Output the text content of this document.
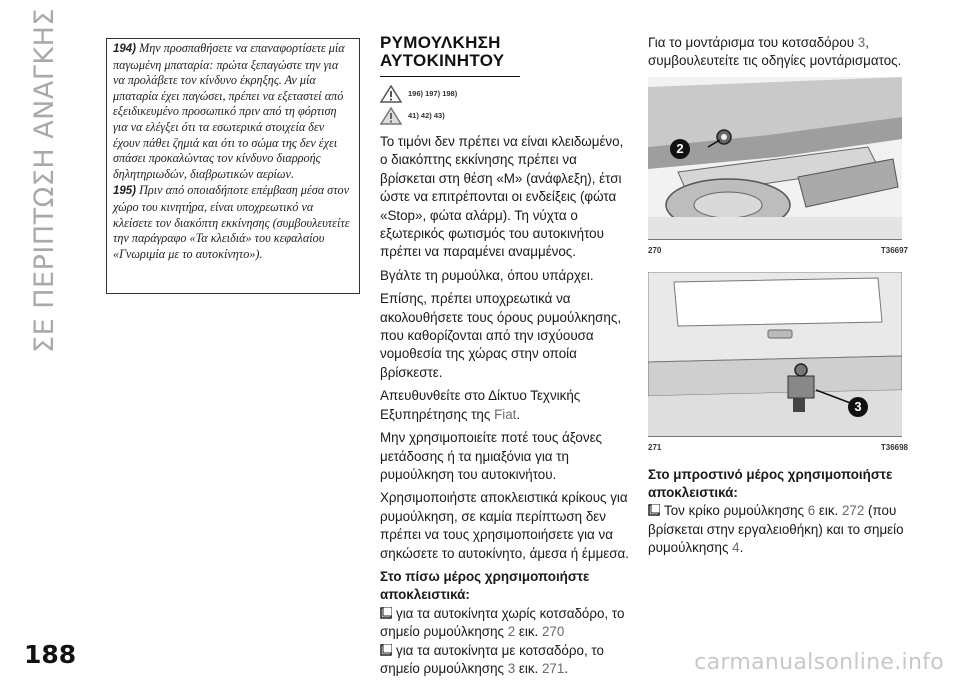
ΣΕ ΠΕΡΙΠΤΩΣΗ ΑΝΑΓΚΗΣ	194) Μην προσπαθήσετε να επαναφορτίσετε μία παγωμένη μπαταρία: πρώτα ξεπαγώστε την για να προλάβετε τον κίνδυνο έκρηξης. Αν μία μπαταρία έχει παγώσει, πρέπει να εξεταστεί από εξειδικευμένο προσωπικό πριν από τη φόρτιση για να ελέγξει ότι τα εσωτερικά στοιχεία δεν έχουν πάθει ζημιά και ότι το σώμα της δεν έχει σπάσει προκαλώντας τον κίνδυνο διαρροής δηλητηριωδών, διαβρωτικών αερίων.

195) Πριν από οποιαδήποτε επέμβαση μέσα στον χώρο του κινητήρα, είναι υποχρεωτικό να κλείσετε τον διακόπτη εκκίνησης (συμβουλευτείτε την παράγραφο «Τα κλειδιά» του κεφαλαίου «Γνωριμία με το αυτοκίνητο»).

ΡΥΜΟΥΛΚΗΣΗ
ΑΥΤΟΚΙΝΗΤΟΥ
196) 197) 198)
41) 42) 43)

Το τιμόνι δεν πρέπει να είναι κλειδωμένο, ο διακόπτης εκκίνησης πρέπει να βρίσκεται στη θέση «M» (ανάφλεξη), έτσι ώστε να επιτρέπονται οι ενδείξεις (φώτα «Stop», φώτα αλάρμ). Τη νύχτα ο εξωτερικός φωτισμός του αυτοκινήτου πρέπει να παραμένει αναμμένος.

Βγάλτε τη ρυμούλκα, όπου υπάρχει.

Επίσης, πρέπει υποχρεωτικά να ακολουθήσετε τους όρους ρυμούλκησης, που καθορίζονται από την ισχύουσα νομοθεσία της χώρας στην οποία βρίσκεστε.

Απευθυνθείτε στο Δίκτυο Τεχνικής Εξυπηρέτησης της Fiat.

Μην χρησιμοποιείτε ποτέ τους άξονες μετάδοσης ή τα ημιαξόνια για τη ρυμούλκηση του αυτοκινήτου.

Χρησιμοποιήστε αποκλειστικά κρίκους για ρυμούλκηση, σε καμία περίπτωση δεν πρέπει να τους χρησιμοποιήσετε για να σηκώσετε το αυτοκίνητο, άμεσα ή έμμεσα.

Στο πίσω μέρος χρησιμοποιήστε αποκλειστικά:

για τα αυτοκίνητα χωρίς κοτσαδόρο, το σημείο ρυμούλκησης 2 εικ. 270

για τα αυτοκίνητα με κοτσαδόρο, το σημείο ρυμούλκησης 3 εικ. 271.

Για το μοντάρισμα του κοτσαδόρου 3, συμβουλευτείτε τις οδηγίες μοντάρισματος.

2
270	T36697
3
271	T36698

Στο μπροστινό μέρος χρησιμοποιήστε αποκλειστικά:

Τον κρίκο ρυμούλκησης 6 εικ. 272 (που βρίσκεται στην εργαλειοθήκη) και το σημείο ρυμούλκησης 4.

188	carmanualsonline.info
